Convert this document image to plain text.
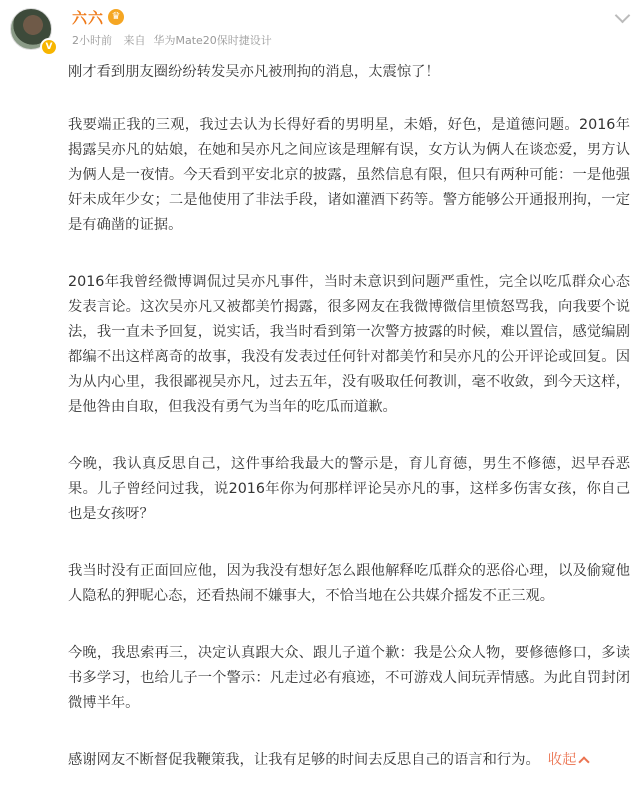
V
六六 ♛
2小时前 来自 华为Mate20保时捷设计

刚才看到朋友圈纷纷转发吴亦凡被刑拘的消息，太震惊了！

我要端正我的三观，我过去认为长得好看的男明星，未婚，好色，是道德问题。2016年揭露吴亦凡的姑娘，在她和吴亦凡之间应该是理解有误，女方认为俩人在谈恋爱，男方认为俩人是一夜情。今天看到平安北京的披露，虽然信息有限，但只有两种可能：一是他强奸未成年少女；二是他使用了非法手段，诸如灌酒下药等。警方能够公开通报刑拘，一定是有确凿的证据。

2016年我曾经微博调侃过吴亦凡事件，当时未意识到问题严重性，完全以吃瓜群众心态发表言论。这次吴亦凡又被都美竹揭露，很多网友在我微博微信里愤怒骂我，向我要个说法，我一直未予回复，说实话，我当时看到第一次警方披露的时候，难以置信，感觉编剧都编不出这样离奇的故事，我没有发表过任何针对都美竹和吴亦凡的公开评论或回复。因为从内心里，我很鄙视吴亦凡，过去五年，没有吸取任何教训，毫不收敛，到今天这样，是他咎由自取，但我没有勇气为当年的吃瓜而道歉。

今晚，我认真反思自己，这件事给我最大的警示是，育儿育德，男生不修德，迟早吞恶果。儿子曾经问过我，说2016年你为何那样评论吴亦凡的事，这样多伤害女孩，你自己也是女孩呀？

我当时没有正面回应他，因为我没有想好怎么跟他解释吃瓜群众的恶俗心理，以及偷窥他人隐私的狎昵心态，还看热闹不嫌事大，不恰当地在公共媒介摇发不正三观。

今晚，我思索再三，决定认真跟大众、跟儿子道个歉：我是公众人物，要修德修口，多读书多学习，也给儿子一个警示：凡走过必有痕迹，不可游戏人间玩弄情感。为此自罚封闭微博半年。

感谢网友不断督促我鞭策我，让我有足够的时间去反思自己的语言和行为。 收起
